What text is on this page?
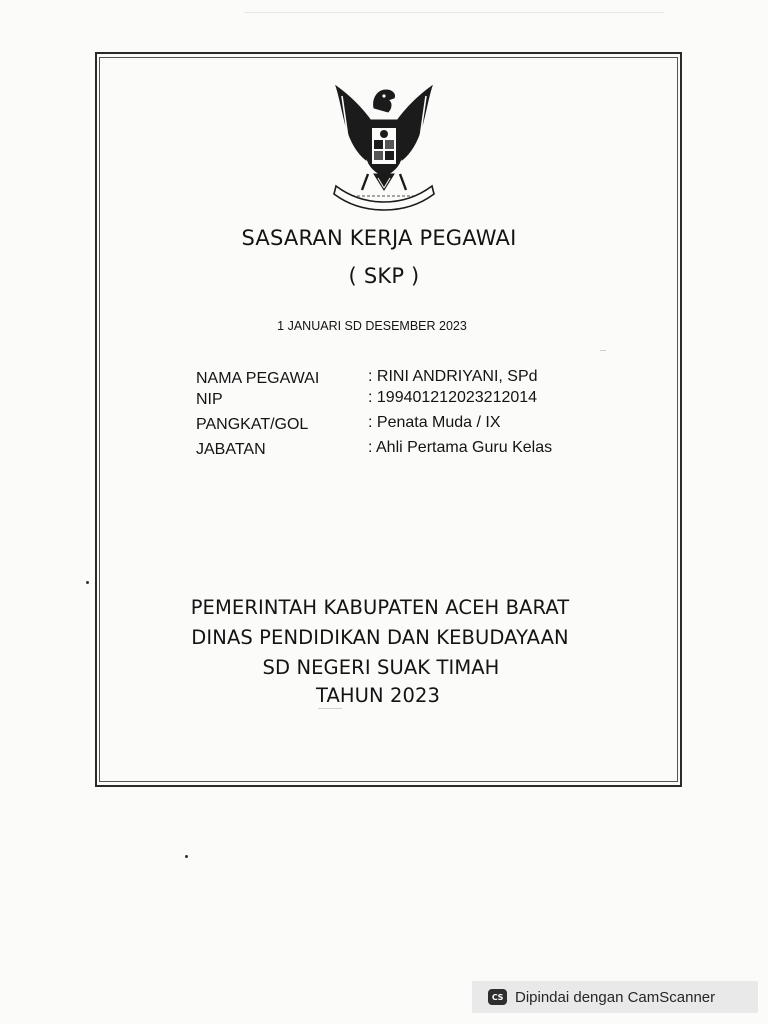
SASARAN KERJA PEGAWAI
( SKP )
1 JANUARI SD DESEMBER 2023
NAMA PEGAWAI	: RINI ANDRIYANI, SPd
NIP	: 199401212023212014
PANGKAT/GOL	: Penata Muda / IX
JABATAN	: Ahli Pertama Guru Kelas
PEMERINTAH KABUPATEN ACEH BARAT
DINAS PENDIDIKAN DAN KEBUDAYAAN
SD NEGERI SUAK TIMAH
TAHUN 2023
CS Dipindai dengan CamScanner
